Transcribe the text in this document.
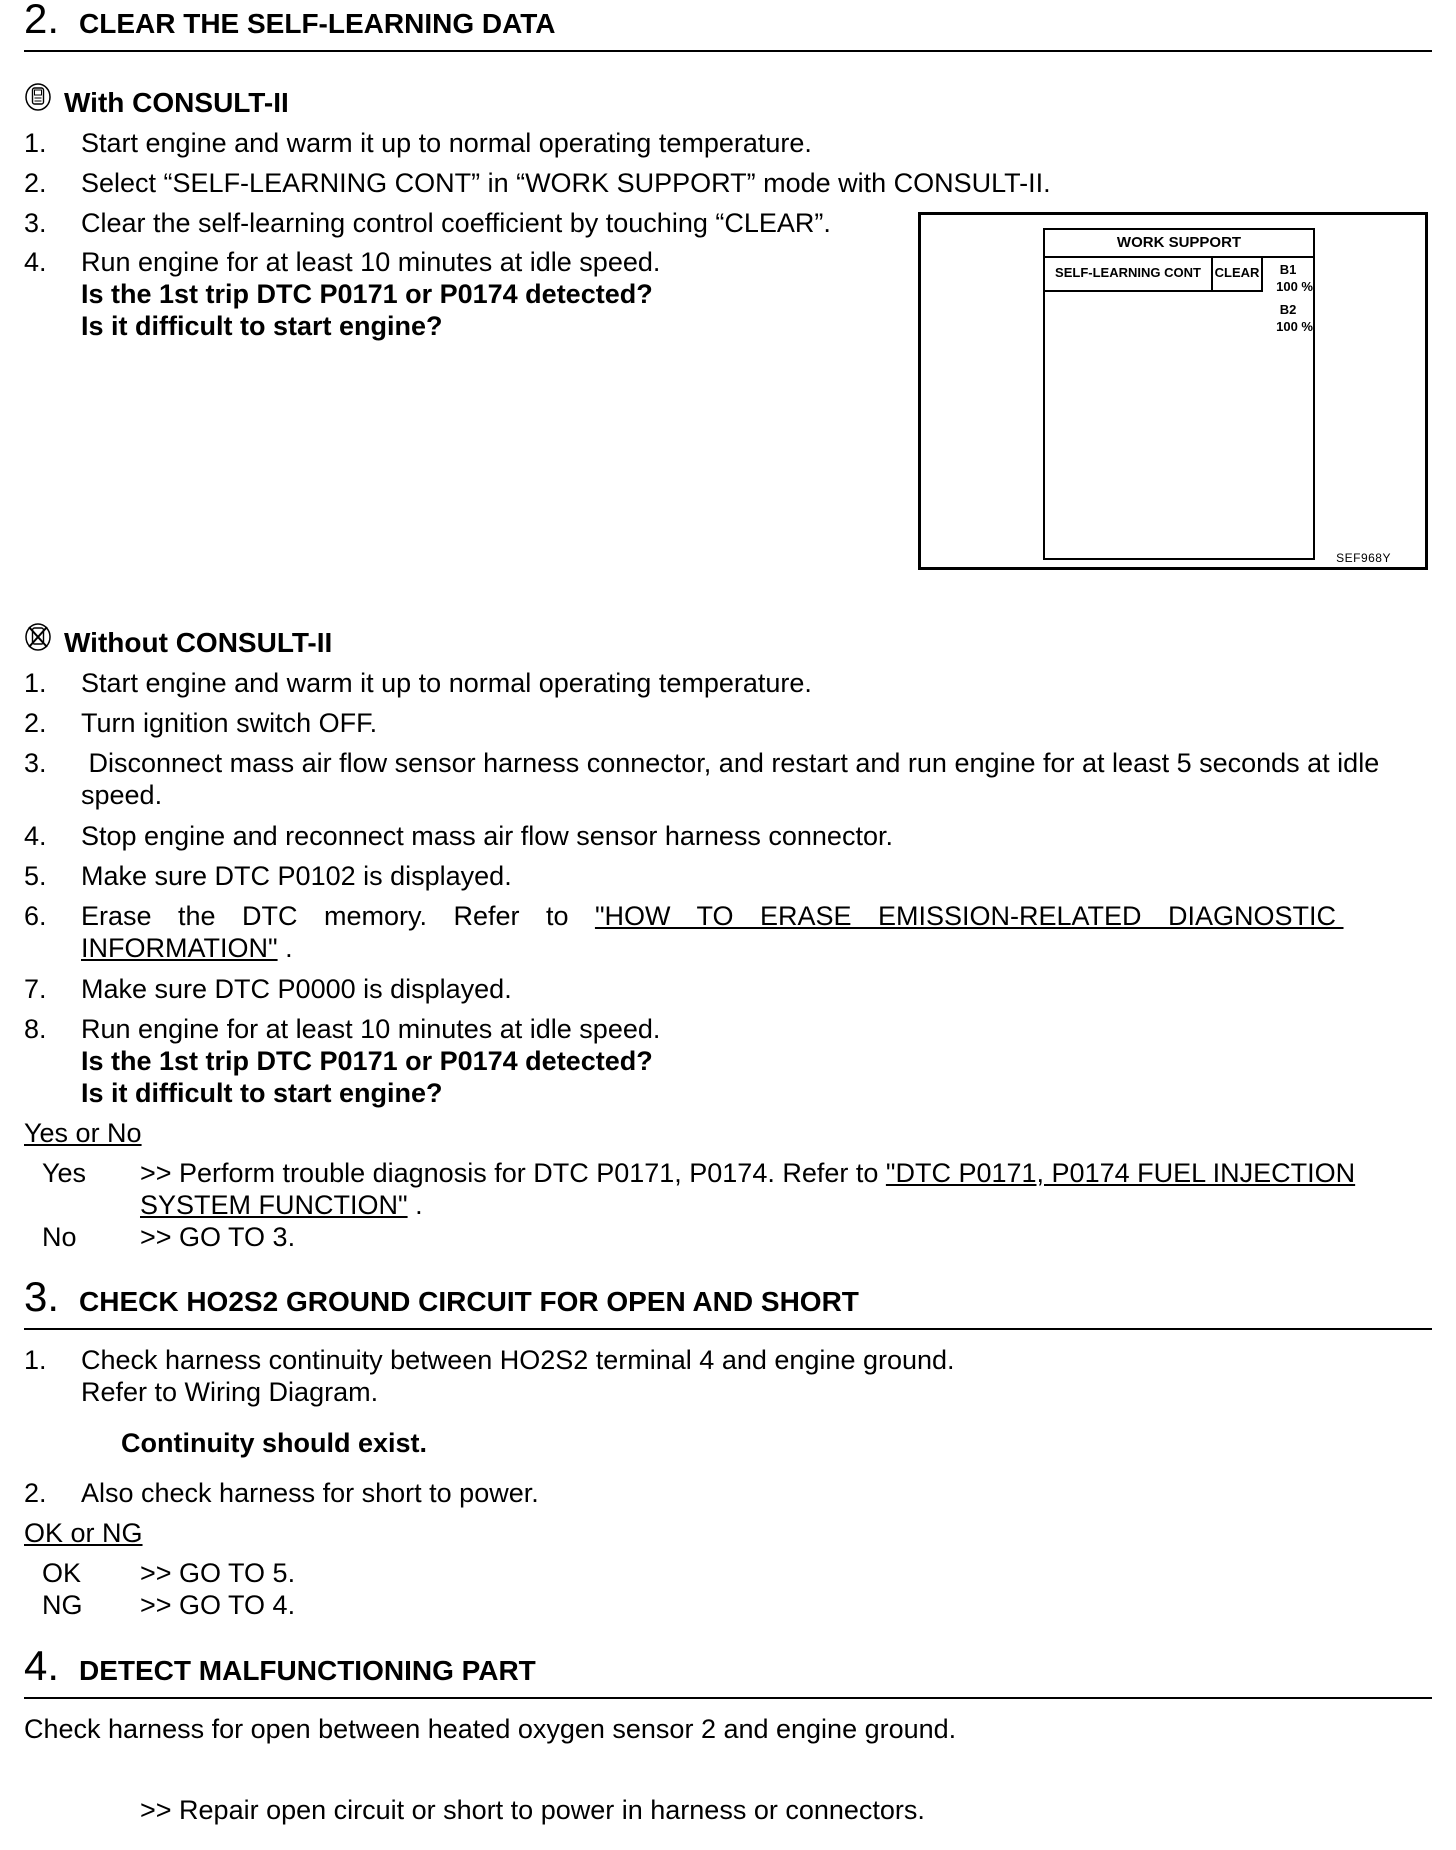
2. CLEAR THE SELF-LEARNING DATA
With CONSULT-II
1. Start engine and warm it up to normal operating temperature.
2. Select “SELF-LEARNING CONT” in “WORK SUPPORT” mode with CONSULT-II.
3. Clear the self-learning control coefficient by touching “CLEAR”.
4. Run engine for at least 10 minutes at idle speed.
Is the 1st trip DTC P0171 or P0174 detected?
Is it difficult to start engine?
WORK SUPPORT
SELF-LEARNING CONT	CLEAR	B1
100 %
B2
100 %
SEF968Y
Without CONSULT-II
1. Start engine and warm it up to normal operating temperature.
2. Turn ignition switch OFF.
3. Disconnect mass air flow sensor harness connector, and restart and run engine for at least 5 seconds at idle speed.
4. Stop engine and reconnect mass air flow sensor harness connector.
5. Make sure DTC P0102 is displayed.
6. Erase the DTC memory. Refer to "HOW TO ERASE EMISSION-RELATED DIAGNOSTIC INFORMATION" .
7. Make sure DTC P0000 is displayed.
8. Run engine for at least 10 minutes at idle speed.
Is the 1st trip DTC P0171 or P0174 detected?
Is it difficult to start engine?
Yes or No
Yes >> Perform trouble diagnosis for DTC P0171, P0174. Refer to "DTC P0171, P0174 FUEL INJECTION SYSTEM FUNCTION" .
No >> GO TO 3.
3. CHECK HO2S2 GROUND CIRCUIT FOR OPEN AND SHORT
1. Check harness continuity between HO2S2 terminal 4 and engine ground.
Refer to Wiring Diagram.
Continuity should exist.
2. Also check harness for short to power.
OK or NG
OK >> GO TO 5.
NG >> GO TO 4.
4. DETECT MALFUNCTIONING PART
Check harness for open between heated oxygen sensor 2 and engine ground.
>> Repair open circuit or short to power in harness or connectors.
